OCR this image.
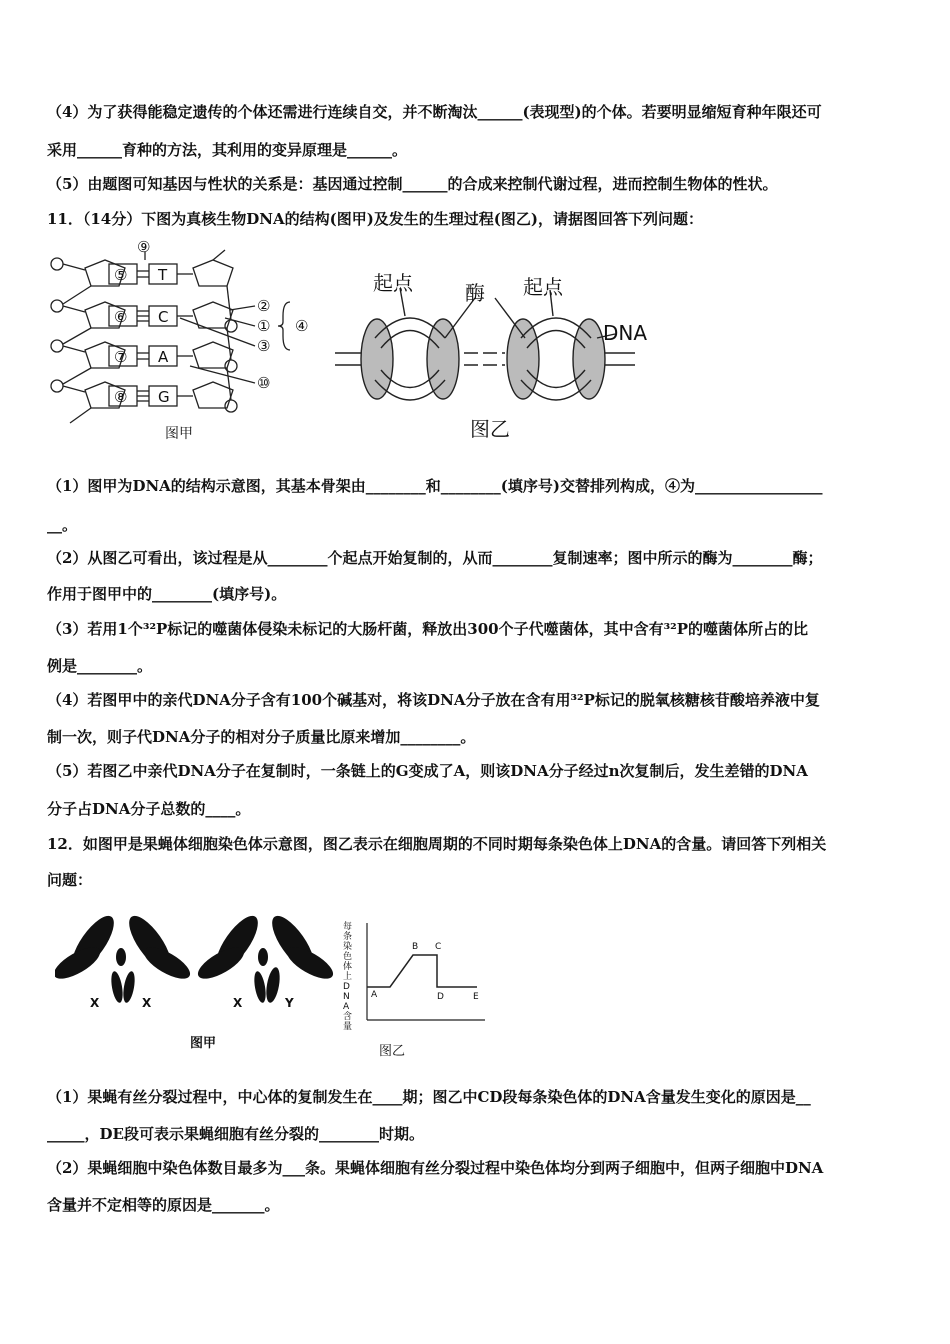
（4）为了获得能稳定遗传的个体还需进行连续自交，并不断淘汰______(表现型)的个体。若要明显缩短育种年限还可
采用______育种的方法，其利用的变异原理是______。
（5）由题图可知基因与性状的关系是：基因通过控制______的合成来控制代谢过程，进而控制生物体的性状。
11．（14分）下图为真核生物DNA的结构(图甲)及发生的生理过程(图乙)，请据图回答下列问题：
⑤ T
⑥ C
⑦ A
⑧ G
⑨
②
①
③
④
⑩
图甲
起点	酶 起点
DNA
图乙
（1）图甲为DNA的结构示意图，其基本骨架由________和________(填序号)交替排列构成，④为_________________
__。
（2）从图乙可看出，该过程是从________个起点开始复制的，从而________复制速率；图中所示的酶为________酶；
作用于图甲中的________(填序号)。
（3）若用1个³²P标记的噬菌体侵染未标记的大肠杆菌，释放出300个子代噬菌体，其中含有³²P的噬菌体所占的比
例是________。
（4）若图甲中的亲代DNA分子含有100个碱基对，将该DNA分子放在含有用³²P标记的脱氧核糖核苷酸培养液中复
制一次，则子代DNA分子的相对分子质量比原来增加________。
（5）若图乙中亲代DNA分子在复制时，一条链上的G变成了A，则该DNA分子经过n次复制后，发生差错的DNA
分子占DNA分子总数的____。
12．如图甲是果蝇体细胞染色体示意图，图乙表示在细胞周期的不同时期每条染色体上DNA的含量。请回答下列相关
问题：
X	X	X	Y
图甲
每条染色体上 D N A 含量
A
B C
D	E
图乙
（1）果蝇有丝分裂过程中，中心体的复制发生在____期；图乙中CD段每条染色体的DNA含量发生变化的原因是__
_____，DE段可表示果蝇细胞有丝分裂的________时期。
（2）果蝇细胞中染色体数目最多为___条。果蝇体细胞有丝分裂过程中染色体均分到两子细胞中，但两子细胞中DNA
含量并不定相等的原因是_______。
